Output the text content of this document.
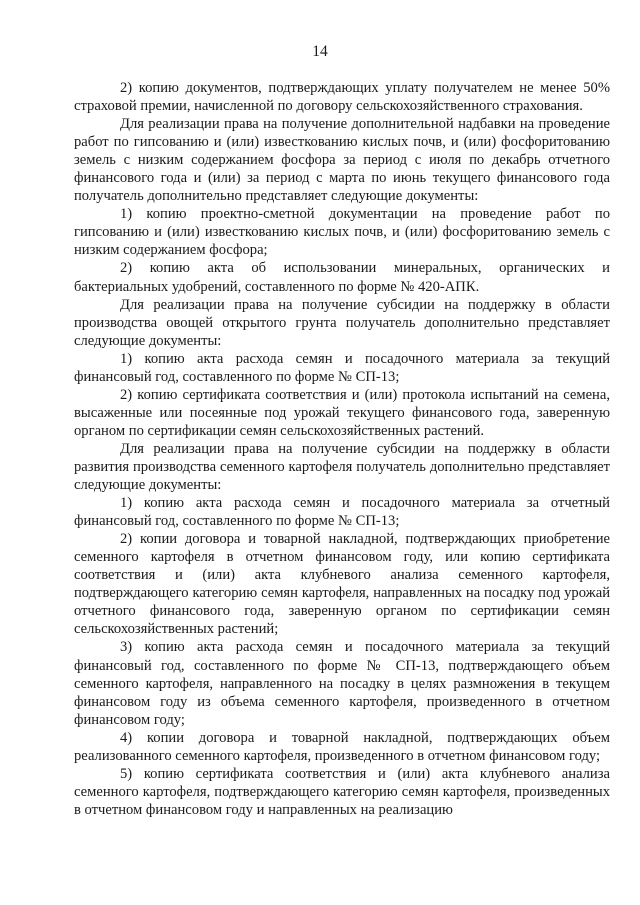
14

2) копию документов, подтверждающих уплату получателем не менее 50% страховой премии, начисленной по договору сельскохозяйственного страхования.

Для реализации права на получение дополнительной надбавки на проведение работ по гипсованию и (или) известкованию кислых почв, и (или) фосфоритованию земель с низким содержанием фосфора за период с июля по декабрь отчетного финансового года и (или) за период с марта по июнь текущего финансового года получатель дополнительно представляет следующие документы:

1) копию проектно-сметной документации на проведение работ по гипсованию и (или) известкованию кислых почв, и (или) фосфоритованию земель с низким содержанием фосфора;

2) копию акта об использовании минеральных, органических и бактериальных удобрений, составленного по форме № 420-АПК.

Для реализации права на получение субсидии на поддержку в области производства овощей открытого грунта получатель дополнительно представляет следующие документы:

1) копию акта расхода семян и посадочного материала за текущий финансовый год, составленного по форме № СП-13;

2) копию сертификата соответствия и (или) протокола испытаний на семена, высаженные или посеянные под урожай текущего финансового года, заверенную органом по сертификации семян сельскохозяйственных растений.

Для реализации права на получение субсидии на поддержку в области развития производства семенного картофеля получатель дополнительно представляет следующие документы:

1) копию акта расхода семян и посадочного материала за отчетный финансовый год, составленного по форме № СП-13;

2) копии договора и товарной накладной, подтверждающих приобретение семенного картофеля в отчетном финансовом году, или копию сертификата соответствия и (или) акта клубневого анализа семенного картофеля, подтверждающего категорию семян картофеля, направленных на посадку под урожай отчетного финансового года, заверенную органом по сертификации семян сельскохозяйственных растений;

3) копию акта расхода семян и посадочного материала за текущий финансовый год, составленного по форме № СП-13, подтверждающего объем семенного картофеля, направленного на посадку в целях размножения в текущем финансовом году из объема семенного картофеля, произведенного в отчетном финансовом году;

4) копии договора и товарной накладной, подтверждающих объем реализованного семенного картофеля, произведенного в отчетном финансовом году;

5) копию сертификата соответствия и (или) акта клубневого анализа семенного картофеля, подтверждающего категорию семян картофеля, произведенных в отчетном финансовом году и направленных на реализацию
